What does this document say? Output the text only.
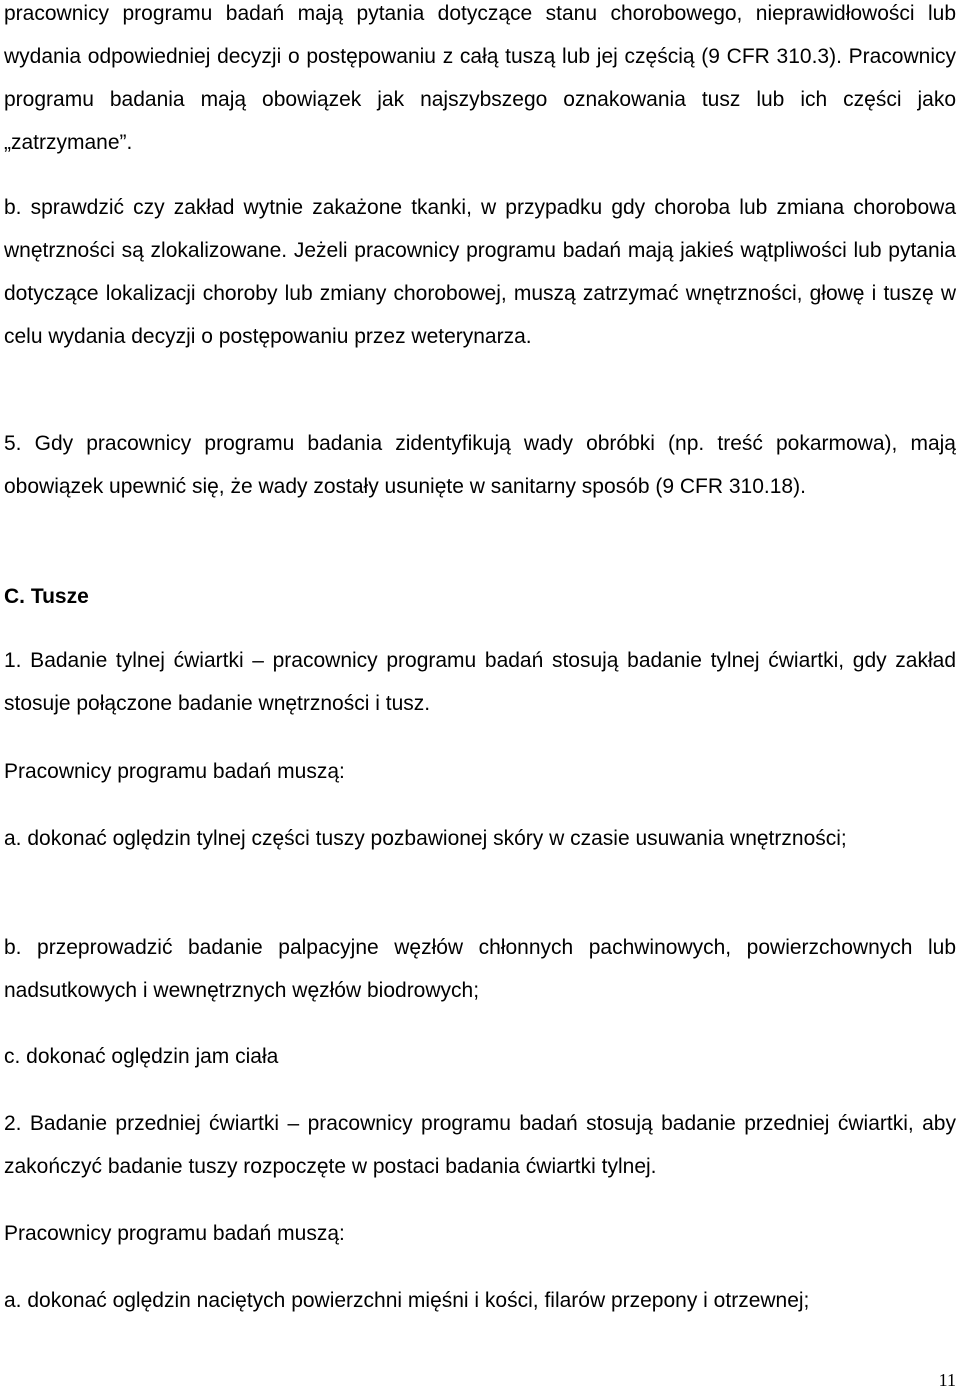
pracownicy programu badań mają pytania dotyczące stanu chorobowego, nieprawidłowości lub wydania odpowiedniej decyzji o postępowaniu z całą tuszą lub jej częścią (9 CFR 310.3). Pracownicy programu badania mają obowiązek jak najszybszego oznakowania tusz lub ich części jako „zatrzymane”.

b. sprawdzić czy zakład wytnie zakażone tkanki, w przypadku gdy choroba lub zmiana chorobowa wnętrzności są zlokalizowane. Jeżeli pracownicy programu badań mają jakieś wątpliwości lub pytania dotyczące lokalizacji choroby lub zmiany chorobowej, muszą zatrzymać wnętrzności, głowę i tuszę w celu wydania decyzji o postępowaniu przez weterynarza.

5. Gdy pracownicy programu badania zidentyfikują wady obróbki (np. treść pokarmowa), mają obowiązek upewnić się, że wady zostały usunięte w sanitarny sposób (9 CFR 310.18).

C. Tusze

1. Badanie tylnej ćwiartki – pracownicy programu badań stosują badanie tylnej ćwiartki, gdy zakład stosuje połączone badanie wnętrzności i tusz.

Pracownicy programu badań muszą:

a. dokonać oględzin tylnej części tuszy pozbawionej skóry w czasie usuwania wnętrzności;

b. przeprowadzić badanie palpacyjne węzłów chłonnych pachwinowych, powierzchownych lub nadsutkowych i wewnętrznych węzłów biodrowych;

c. dokonać oględzin jam ciała

2. Badanie przedniej ćwiartki – pracownicy programu badań stosują badanie przedniej ćwiartki, aby zakończyć badanie tuszy rozpoczęte w postaci badania ćwiartki tylnej.

Pracownicy programu badań muszą:

a. dokonać oględzin naciętych powierzchni mięśni i kości, filarów przepony i otrzewnej;

11
